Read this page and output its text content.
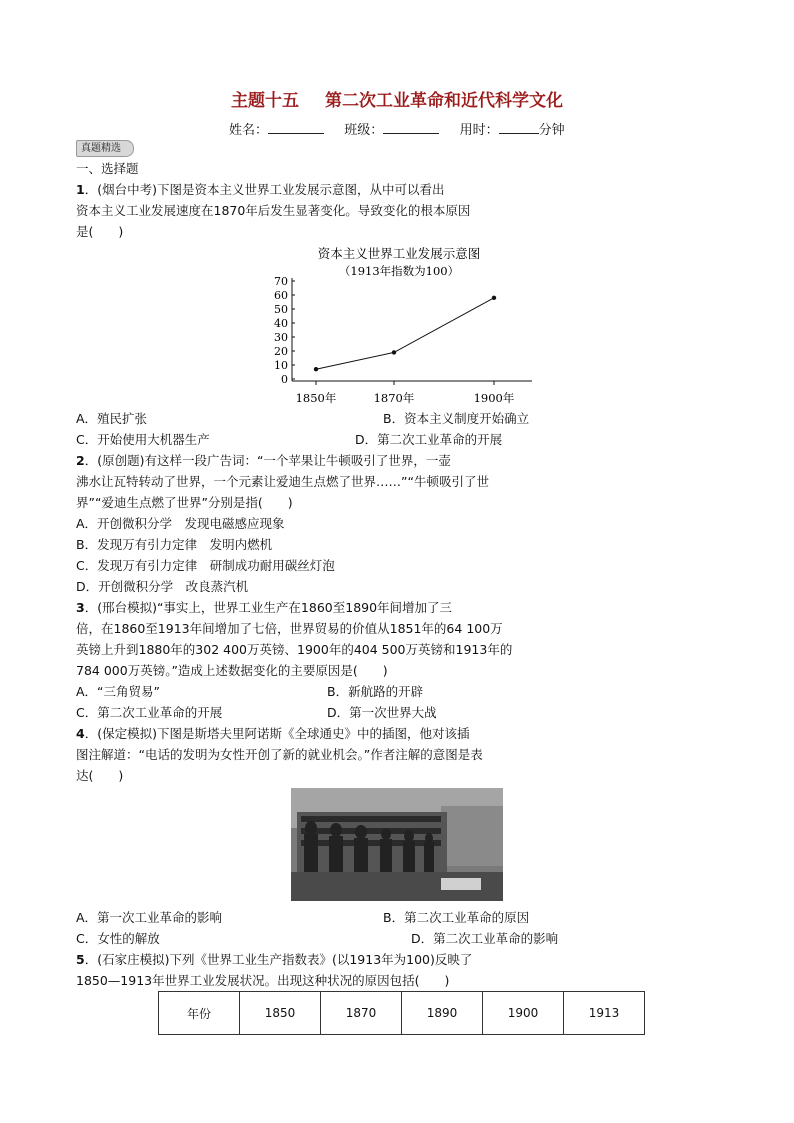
主题十五 第二次工业革命和近代科学文化
姓名：	班级：	用时：	分钟
真题精选
一、选择题
1．(烟台中考)下图是资本主义世界工业发展示意图，从中可以看出
资本主义工业发展速度在1870年后发生显著变化。导致变化的根本原因
是(　　)
资本主义世界工业发展示意图
（1913年指数为100）
0
10
20
30
40
50
60
70
1850年	1870年	1900年
A．殖民扩张	B．资本主义制度开始确立
C．开始使用大机器生产	D．第二次工业革命的开展
2．(原创题)有这样一段广告词：“一个苹果让牛顿吸引了世界，一壶
沸水让瓦特转动了世界，一个元素让爱迪生点燃了世界……”“牛顿吸引了世
界”“爱迪生点燃了世界”分别是指(　　)
A．开创微积分学　发现电磁感应现象
B．发现万有引力定律　发明内燃机
C．发现万有引力定律　研制成功耐用碳丝灯泡
D．开创微积分学　改良蒸汽机
3．(邢台模拟)“事实上，世界工业生产在1860至1890年间增加了三
倍，在1860至1913年间增加了七倍，世界贸易的价值从1851年的64 100万
英镑上升到1880年的302 400万英镑、1900年的404 500万英镑和1913年的
784 000万英镑。”造成上述数据变化的主要原因是(　　)
A．“三角贸易”	B．新航路的开辟
C．第二次工业革命的开展	D．第一次世界大战
4．(保定模拟)下图是斯塔夫里阿诺斯《全球通史》中的插图，他对该插
图注解道：“电话的发明为女性开创了新的就业机会。”作者注解的意图是表
达(　　)
A．第一次工业革命的影响	B．第二次工业革命的原因
C．女性的解放	D．第二次工业革命的影响
5．(石家庄模拟)下列《世界工业生产指数表》(以1913年为100)反映了
1850—1913年世界工业发展状况。出现这种状况的原因包括(　　)
年份	1850	1870	1890	1900	1913
